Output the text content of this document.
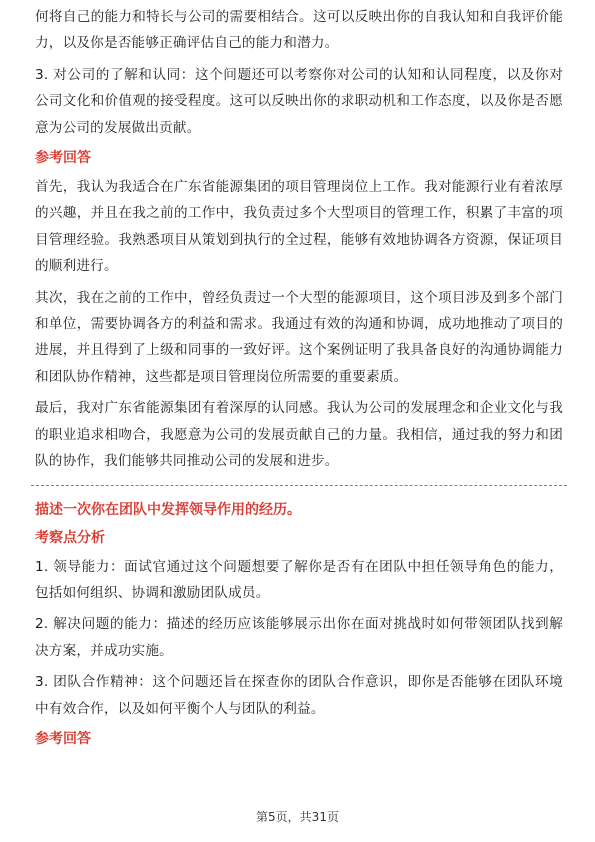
何将自己的能力和特长与公司的需要相结合。这可以反映出你的自我认知和自我评价能力，以及你是否能够正确评估自己的能力和潜力。

3. 对公司的了解和认同：这个问题还可以考察你对公司的认知和认同程度，以及你对公司文化和价值观的接受程度。这可以反映出你的求职动机和工作态度，以及你是否愿意为公司的发展做出贡献。

参考回答

首先，我认为我适合在广东省能源集团的项目管理岗位上工作。我对能源行业有着浓厚的兴趣，并且在我之前的工作中，我负责过多个大型项目的管理工作，积累了丰富的项目管理经验。我熟悉项目从策划到执行的全过程，能够有效地协调各方资源，保证项目的顺利进行。

其次，我在之前的工作中，曾经负责过一个大型的能源项目，这个项目涉及到多个部门和单位，需要协调各方的利益和需求。我通过有效的沟通和协调，成功地推动了项目的进展，并且得到了上级和同事的一致好评。这个案例证明了我具备良好的沟通协调能力和团队协作精神，这些都是项目管理岗位所需要的重要素质。

最后，我对广东省能源集团有着深厚的认同感。我认为公司的发展理念和企业文化与我的职业追求相吻合，我愿意为公司的发展贡献自己的力量。我相信，通过我的努力和团队的协作，我们能够共同推动公司的发展和进步。

描述一次你在团队中发挥领导作用的经历。
考察点分析

1. 领导能力：面试官通过这个问题想要了解你是否有在团队中担任领导角色的能力，包括如何组织、协调和激励团队成员。

2. 解决问题的能力：描述的经历应该能够展示出你在面对挑战时如何带领团队找到解决方案，并成功实施。

3. 团队合作精神：这个问题还旨在探查你的团队合作意识，即你是否能够在团队环境中有效合作，以及如何平衡个人与团队的利益。

参考回答
第5页，共31页
